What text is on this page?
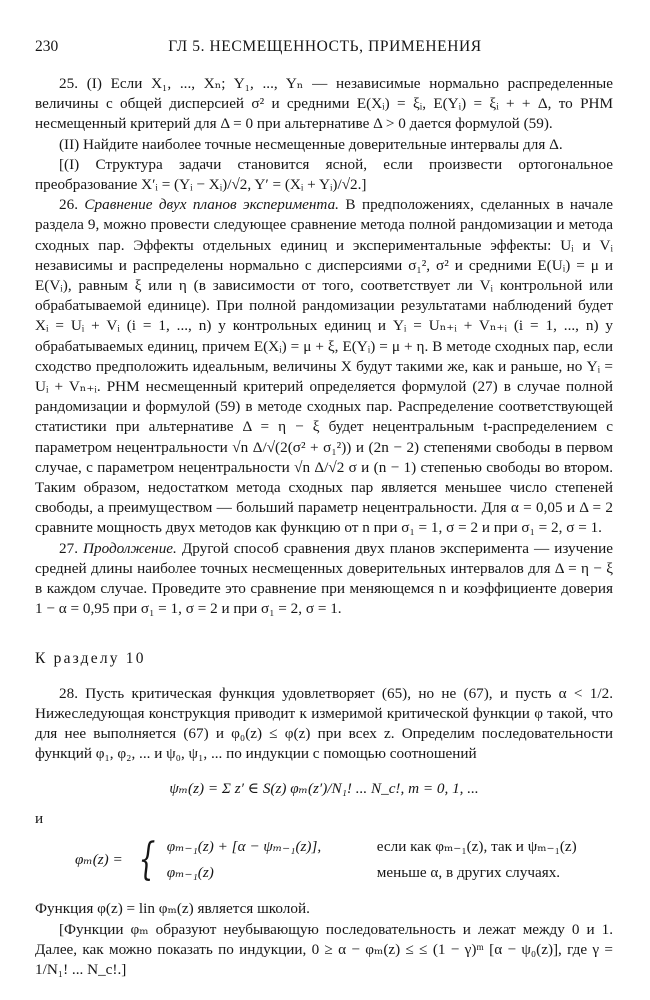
230	ГЛ 5. НЕСМЕЩЕННОСТЬ, ПРИМЕНЕНИЯ

25. (I) Если X₁, ..., Xₙ; Y₁, ..., Yₙ — независимые нормально распределенные величины с общей дисперсией σ² и средними E(Xᵢ) = ξᵢ, E(Yᵢ) = ξᵢ + + Δ, то РНМ несмещенный критерий для Δ = 0 при альтернативе Δ > 0 дается формулой (59).

(II) Найдите наиболее точные несмещенные доверительные интервалы для Δ.

[(I) Структура задачи становится ясной, если произвести ортогональное преобразование X′ᵢ = (Yᵢ − Xᵢ)/√2, Y′ = (Xᵢ + Yᵢ)/√2.]

26. Сравнение двух планов эксперимента. В предположениях, сделанных в начале раздела 9, можно провести следующее сравнение метода полной рандомизации и метода сходных пар. Эффекты отдельных единиц и экспериментальные эффекты: Uᵢ и Vᵢ независимы и распределены нормально с дисперсиями σ₁², σ² и средними E(Uᵢ) = μ и E(Vᵢ), равным ξ или η (в зависимости от того, соответствует ли Vᵢ контрольной или обрабатываемой единице). При полной рандомизации результатами наблюдений будет Xᵢ = Uᵢ + Vᵢ (i = 1, ..., n) у контрольных единиц и Yᵢ = Uₙ₊ᵢ + Vₙ₊ᵢ (i = 1, ..., n) у обрабатываемых единиц, причем E(Xᵢ) = μ + ξ, E(Yᵢ) = μ + η. В методе сходных пар, если сходство предположить идеальным, величины X будут такими же, как и раньше, но Yᵢ = Uᵢ + Vₙ₊ᵢ. РНМ несмещенный критерий определяется формулой (27) в случае полной рандомизации и формулой (59) в методе сходных пар. Распределение соответствующей статистики при альтернативе Δ = η − ξ будет нецентральным t-распределением с параметром нецентральности √n Δ/√(2(σ² + σ₁²)) и (2n − 2) степенями свободы в первом случае, с параметром нецентральности √n Δ/√2 σ и (n − 1) степенью свободы во втором. Таким образом, недостатком метода сходных пар является меньшее число степеней свободы, а преимуществом — больший параметр нецентральности. Для α = 0,05 и Δ = 2 сравните мощность двух методов как функцию от n при σ₁ = 1, σ = 2 и при σ₁ = 2, σ = 1.

27. Продолжение. Другой способ сравнения двух планов эксперимента — изучение средней длины наиболее точных несмещенных доверительных интервалов для Δ = η − ξ в каждом случае. Проведите это сравнение при меняющемся n и коэффициенте доверия 1 − α = 0,95 при σ₁ = 1, σ = 2 и при σ₁ = 2, σ = 1.

К разделу 10

28. Пусть критическая функция удовлетворяет (65), но не (67), и пусть α < 1/2. Нижеследующая конструкция приводит к измеримой критической функции φ такой, что для нее выполняется (67) и φ₀(z) ≤ φ(z) при всех z. Определим последовательности функций φ₁, φ₂, ... и ψ₀, ψ₁, ... по индукции с помощью соотношений

ψₘ(z) = Σ z′ ∈ S(z) φₘ(z′)/N₁! ... N_c!, m = 0, 1, ...

и

φₘ(z) = { φₘ₋₁(z) + [α − ψₘ₋₁(z)],	если как φₘ₋₁(z), так и ψₘ₋₁(z)
φₘ₋₁(z)	меньше α, в других случаях.

Функция φ(z) = lin φₘ(z) является школой.

[Функции φₘ образуют неубывающую последовательность и лежат между 0 и 1. Далее, как можно показать по индукции, 0 ≥ α − φₘ(z) ≤ ≤ (1 − γ)ᵐ [α − ψ₀(z)], где γ = 1/N₁! ... N_c!.]
